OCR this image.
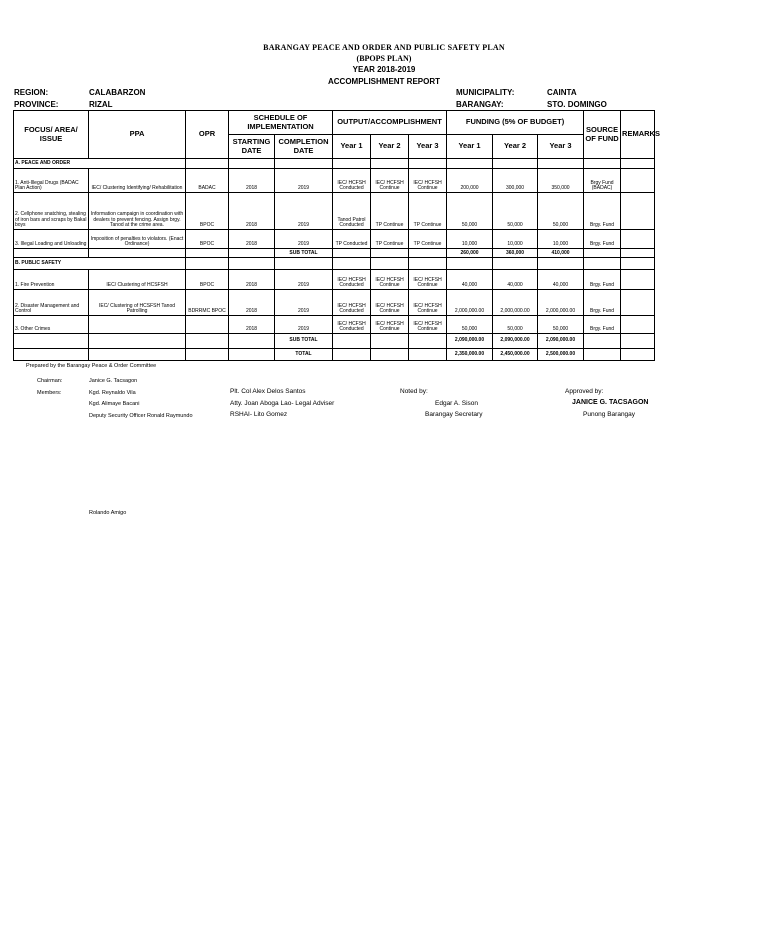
BARANGAY PEACE AND ORDER AND PUBLIC SAFETY PLAN
(BPOPS PLAN)
YEAR 2018-2019
ACCOMPLISHMENT REPORT
REGION:	CALABARZON
PROVINCE:	RIZAL
MUNICIPALITY:	CAINTA
BARANGAY:	STO. DOMINGO
FOCUS/ AREA/ ISSUE	PPA	OPR	SCHEDULE OF IMPLEMENTATION		OUTPUT/ACCOMPLISHMENT			FUNDING (5% OF BUDGET)			SOURCE OF FUND	REMARKS
			STARTING DATE	COMPLETION DATE	Year 1	Year 2	Year 3	Year 1	Year 2	Year 3		
A. PEACE AND ORDER												
1. Anti-Illegal Drugs (BADAC Plan Action)	IEC/ Clustering Identifying/ Rehabilitation	BADAC	2018	2019	IEC/ HCFSH Conducted	IEC/ HCFSH Continue	IEC/ HCFSH Continue	200,000	300,000	350,000	Brgy Fund (BADAC)	
2. Cellphone snatching, stealing of iron bars and scraps by Bakal boys	Information campaign in coordination with dealers to prevent fencing. Assign brgy. Tanod at the crime area.	BPOC	2018	2019	Tanod Patrol Conducted	TP Continue	TP Continue	50,000	50,000	50,000	Brgy. Fund	
3. Illegal Loading and Unloading	Imposition of penalties to violators. (Enact Ordinance)	BPOC	2018	2019	TP Conducted	TP Continue	TP Continue	10,000	10,000	10,000	Brgy. Fund	
				SUB TOTAL				260,000	360,000	410,000		
B. PUBLIC SAFETY												
1. Fire Prevention	IEC/ Clustering of HCSFSH	BPOC	2018	2019	IEC/ HCFSH Conducted	IEC/ HCFSH Continue	IEC/ HCFSH Continue	40,000	40,000	40,000	Brgy. Fund	
2. Disaster Management and Control	IEC/ Clustering of HCSFSH Tanod Patrolling	BDRRMC BPOC	2018	2019	IEC/ HCFSH Conducted	IEC/ HCFSH Continue	IEC/ HCFSH Continue	2,000,000.00	2,000,000.00	2,000,000.00	Brgy. Fund	
3. Other Crimes			2018	2019	IEC/ HCFSH Conducted	IEC/ HCFSH Continue	IEC/ HCFSH Continue	50,000	50,000	50,000	Brgy. Fund	
				SUB TOTAL				2,090,000.00	2,090,000.00	2,090,000.00		
				TOTAL				2,350,000.00	2,450,000.00	2,500,000.00		
Prepared by the Barangay Peace & Order Committee
Chairman:	Janice G. Tacsagon
Members:	Kgd. Reynaldo Vila
Kgd. Alimaye Bacani
Deputy Security Officer Ronald Raymundo
Plt. Col Alex Delos Santos
Atty. Joan Aboga Lao- Legal Adviser
RSHAI- Lito Gomez
Noted by:
Edgar A. Sison
Barangay Secretary
Approved by:
JANICE G. TACSAGON
Punong Barangay
Rolando Amigo
